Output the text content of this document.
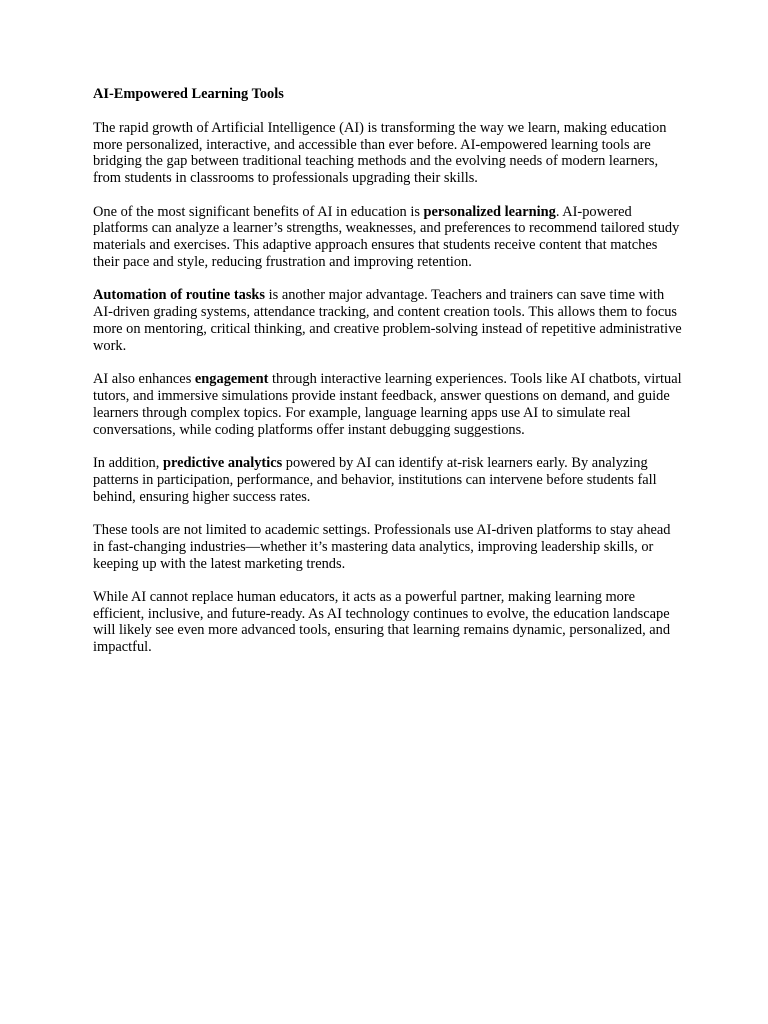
AI-Empowered Learning Tools
The rapid growth of Artificial Intelligence (AI) is transforming the way we learn, making education more personalized, interactive, and accessible than ever before. AI-empowered learning tools are bridging the gap between traditional teaching methods and the evolving needs of modern learners, from students in classrooms to professionals upgrading their skills.
One of the most significant benefits of AI in education is personalized learning. AI-powered platforms can analyze a learner’s strengths, weaknesses, and preferences to recommend tailored study materials and exercises. This adaptive approach ensures that students receive content that matches their pace and style, reducing frustration and improving retention.
Automation of routine tasks is another major advantage. Teachers and trainers can save time with AI-driven grading systems, attendance tracking, and content creation tools. This allows them to focus more on mentoring, critical thinking, and creative problem-solving instead of repetitive administrative work.
AI also enhances engagement through interactive learning experiences. Tools like AI chatbots, virtual tutors, and immersive simulations provide instant feedback, answer questions on demand, and guide learners through complex topics. For example, language learning apps use AI to simulate real conversations, while coding platforms offer instant debugging suggestions.
In addition, predictive analytics powered by AI can identify at-risk learners early. By analyzing patterns in participation, performance, and behavior, institutions can intervene before students fall behind, ensuring higher success rates.
These tools are not limited to academic settings. Professionals use AI-driven platforms to stay ahead in fast-changing industries—whether it’s mastering data analytics, improving leadership skills, or keeping up with the latest marketing trends.
While AI cannot replace human educators, it acts as a powerful partner, making learning more efficient, inclusive, and future-ready. As AI technology continues to evolve, the education landscape will likely see even more advanced tools, ensuring that learning remains dynamic, personalized, and impactful.
